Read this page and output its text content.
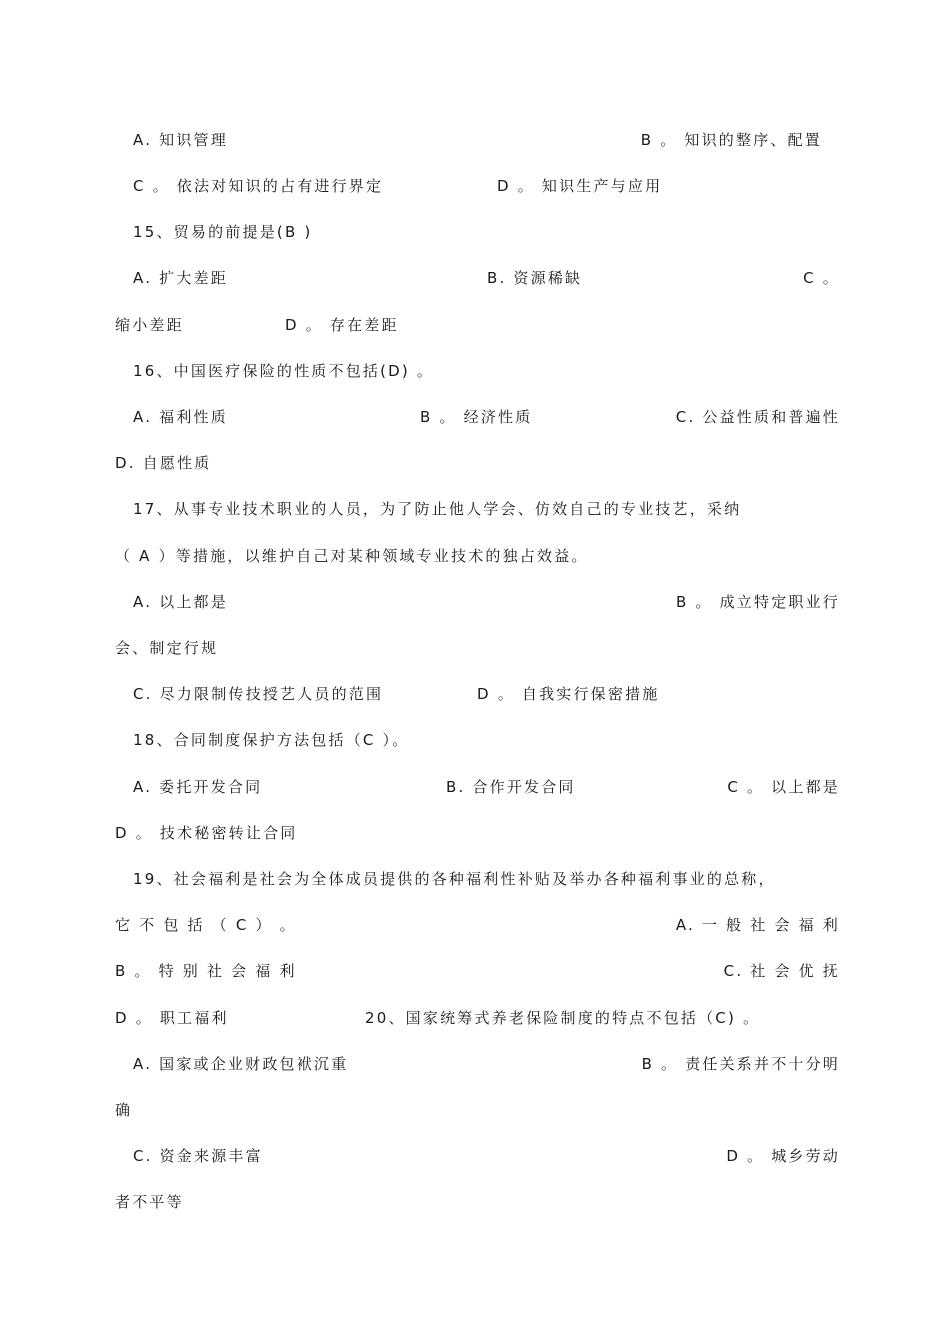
A. 知识管理	B 。 知识的整序、配置
C 。 依法对知识的占有进行界定	D 。 知识生产与应用
15、贸易的前提是(B )
A. 扩大差距	B. 资源稀缺	C 。
缩小差距	D 。 存在差距
16、中国医疗保险的性质不包括(D) 。
A. 福利性质	B 。 经济性质	C. 公益性质和普遍性
D. 自愿性质
17、从事专业技术职业的人员，为了防止他人学会、仿效自己的专业技艺，采纳
（ A ）等措施，以维护自己对某种领域专业技术的独占效益。
A. 以上都是	B 。 成立特定职业行
会、制定行规
C. 尽力限制传技授艺人员的范围	D 。 自我实行保密措施
18、合同制度保护方法包括（C ）。
A. 委托开发合同	B. 合作开发合同	C 。 以上都是
D 。 技术秘密转让合同
19、社会福利是社会为全体成员提供的各种福利性补贴及举办各种福利事业的总称，
它 不 包 括 （ C ） 。	A. 一 般 社 会 福 利
B 。 特 别 社 会 福 利	C. 社 会 优 抚
D 。 职工福利	20、国家统筹式养老保险制度的特点不包括（C) 。
A. 国家或企业财政包袱沉重	B 。 责任关系并不十分明
确
C. 资金来源丰富	D 。 城乡劳动
者不平等
